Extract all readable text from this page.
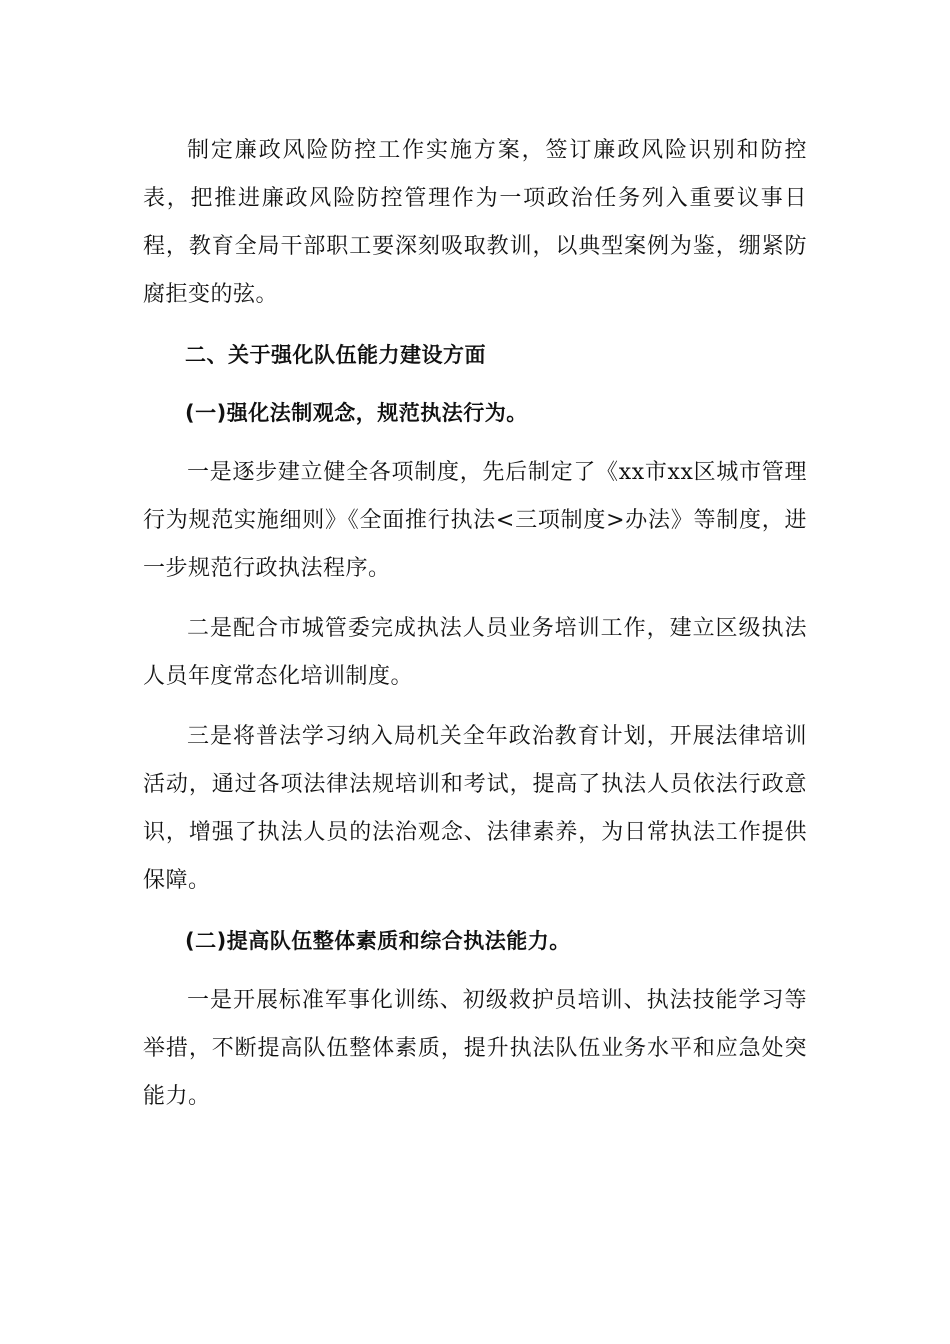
制定廉政风险防控工作实施方案，签订廉政风险识别和防控表，把推进廉政风险防控管理作为一项政治任务列入重要议事日程，教育全局干部职工要深刻吸取教训，以典型案例为鉴，绷紧防腐拒变的弦。

二、关于强化队伍能力建设方面

(一)强化法制观念，规范执法行为。

一是逐步建立健全各项制度，先后制定了《xx市xx区城市管理行为规范实施细则》《全面推行执法<三项制度>办法》等制度，进一步规范行政执法程序。

二是配合市城管委完成执法人员业务培训工作，建立区级执法人员年度常态化培训制度。

三是将普法学习纳入局机关全年政治教育计划，开展法律培训活动，通过各项法律法规培训和考试，提高了执法人员依法行政意识，增强了执法人员的法治观念、法律素养，为日常执法工作提供保障。

(二)提高队伍整体素质和综合执法能力。

一是开展标准军事化训练、初级救护员培训、执法技能学习等举措，不断提高队伍整体素质，提升执法队伍业务水平和应急处突能力。
